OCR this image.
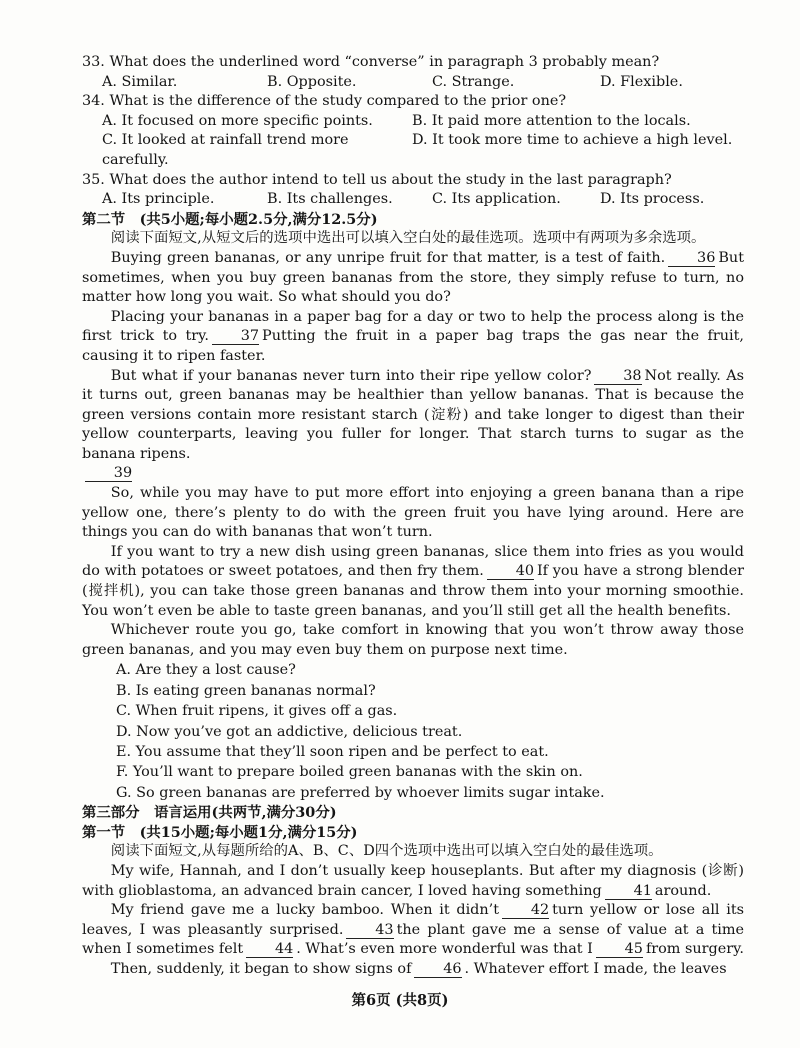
33. What does the underlined word “converse” in paragraph 3 probably mean?
A. Similar.	B. Opposite.	C. Strange.	D. Flexible.
34. What is the difference of the study compared to the prior one?
A. It focused on more specific points.	B. It paid more attention to the locals.
C. It looked at rainfall trend more carefully.
D. It took more time to achieve a high level.
35. What does the author intend to tell us about the study in the last paragraph?
A. Its principle.	B. Its challenges.	C. Its application.	D. Its process.
第二节　(共5小题;每小题2.5分,满分12.5分)

阅读下面短文,从短文后的选项中选出可以填入空白处的最佳选项。选项中有两项为多余选项。

Buying green bananas, or any unripe fruit for that matter, is a test of faith. 36 But sometimes, when you buy green bananas from the store, they simply refuse to turn, no matter how long you wait. So what should you do?

Placing your bananas in a paper bag for a day or two to help the process along is the first trick to try. 37 Putting the fruit in a paper bag traps the gas near the fruit, causing it to ripen faster.

But what if your bananas never turn into their ripe yellow color? 38 Not really. As it turns out, green bananas may be healthier than yellow bananas. That is because the green versions contain more resistant starch (淀粉) and take longer to digest than their yellow counterparts, leaving you fuller for longer. That starch turns to sugar as the banana ripens.
39

So, while you may have to put more effort into enjoying a green banana than a ripe yellow one, there’s plenty to do with the green fruit you have lying around. Here are things you can do with bananas that won’t turn.

If you want to try a new dish using green bananas, slice them into fries as you would do with potatoes or sweet potatoes, and then fry them. 40 If you have a strong blender (搅拌机), you can take those green bananas and throw them into your morning smoothie. You won’t even be able to taste green bananas, and you’ll still get all the health benefits.

Whichever route you go, take comfort in knowing that you won’t throw away those green bananas, and you may even buy them on purpose next time.

A. Are they a lost cause?
B. Is eating green bananas normal?
C. When fruit ripens, it gives off a gas.
D. Now you’ve got an addictive, delicious treat.
E. You assume that they’ll soon ripen and be perfect to eat.
F. You’ll want to prepare boiled green bananas with the skin on.
G. So green bananas are preferred by whoever limits sugar intake.
第三部分　语言运用(共两节,满分30分)
第一节　(共15小题;每小题1分,满分15分)

阅读下面短文,从每题所给的A、B、C、D四个选项中选出可以填入空白处的最佳选项。

My wife, Hannah, and I don’t usually keep houseplants. But after my diagnosis (诊断) with glioblastoma, an advanced brain cancer, I loved having something 41 around.

My friend gave me a lucky bamboo. When it didn’t 42 turn yellow or lose all its leaves, I was pleasantly surprised. 43 the plant gave me a sense of value at a time when I sometimes felt 44 . What’s even more wonderful was that I 45 from surgery.

Then, suddenly, it began to show signs of 46 . Whatever effort I made, the leaves

第6页 (共8页)
